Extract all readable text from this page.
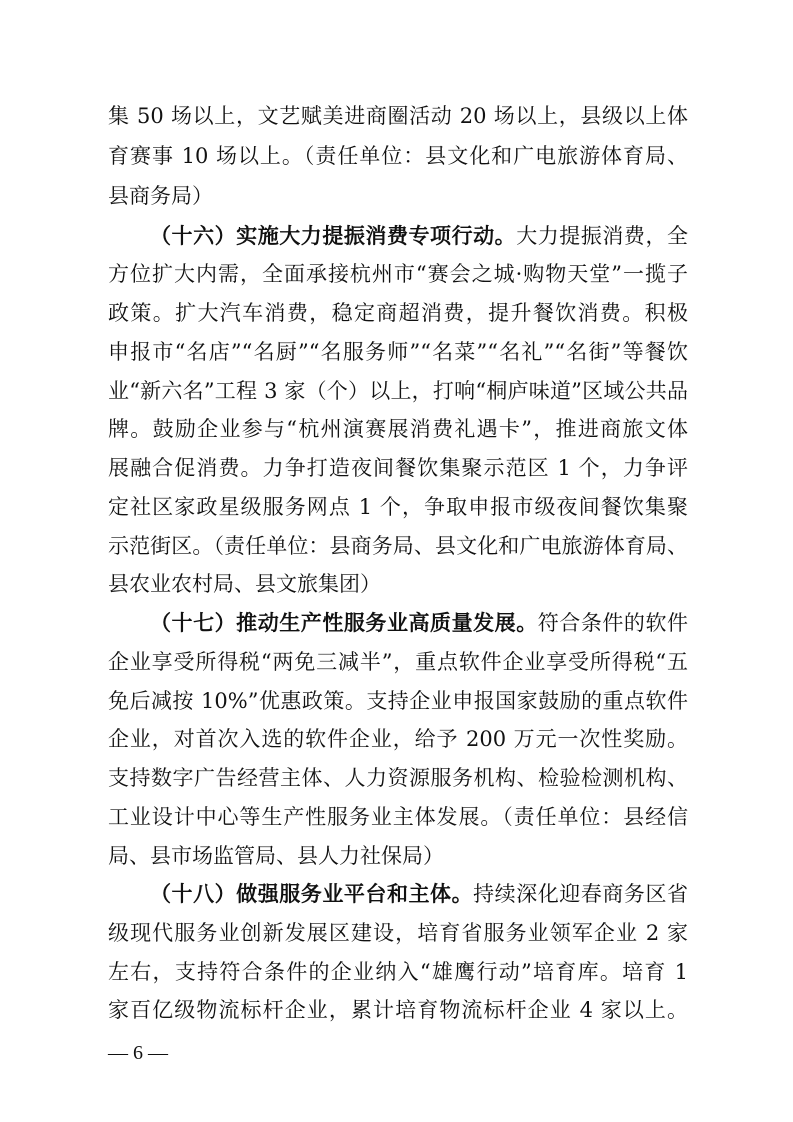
集 50 场以上，文艺赋美进商圈活动 20 场以上，县级以上体
育赛事 10 场以上。（责任单位：县文化和广电旅游体育局、
县商务局）
（十六）实施大力提振消费专项行动。大力提振消费，全
方位扩大内需，全面承接杭州市“赛会之城·购物天堂”一揽子
政策。扩大汽车消费，稳定商超消费，提升餐饮消费。积极
申报市“名店”“名厨”“名服务师”“名菜”“名礼”“名街”等餐饮
业“新六名”工程 3 家（个）以上，打响“桐庐味道”区域公共品
牌。鼓励企业参与“杭州演赛展消费礼遇卡”，推进商旅文体
展融合促消费。力争打造夜间餐饮集聚示范区 1 个，力争评
定社区家政星级服务网点 1 个，争取申报市级夜间餐饮集聚
示范街区。（责任单位：县商务局、县文化和广电旅游体育局、
县农业农村局、县文旅集团）
（十七）推动生产性服务业高质量发展。符合条件的软件
企业享受所得税“两免三减半”，重点软件企业享受所得税“五
免后减按 10%”优惠政策。支持企业申报国家鼓励的重点软件
企业，对首次入选的软件企业，给予 200 万元一次性奖励。
支持数字广告经营主体、人力资源服务机构、检验检测机构、
工业设计中心等生产性服务业主体发展。（责任单位：县经信
局、县市场监管局、县人力社保局）
（十八）做强服务业平台和主体。持续深化迎春商务区省
级现代服务业创新发展区建设，培育省服务业领军企业 2 家
左右，支持符合条件的企业纳入“雄鹰行动”培育库。培育 1
家百亿级物流标杆企业，累计培育物流标杆企业 4 家以上。
— 6 —
